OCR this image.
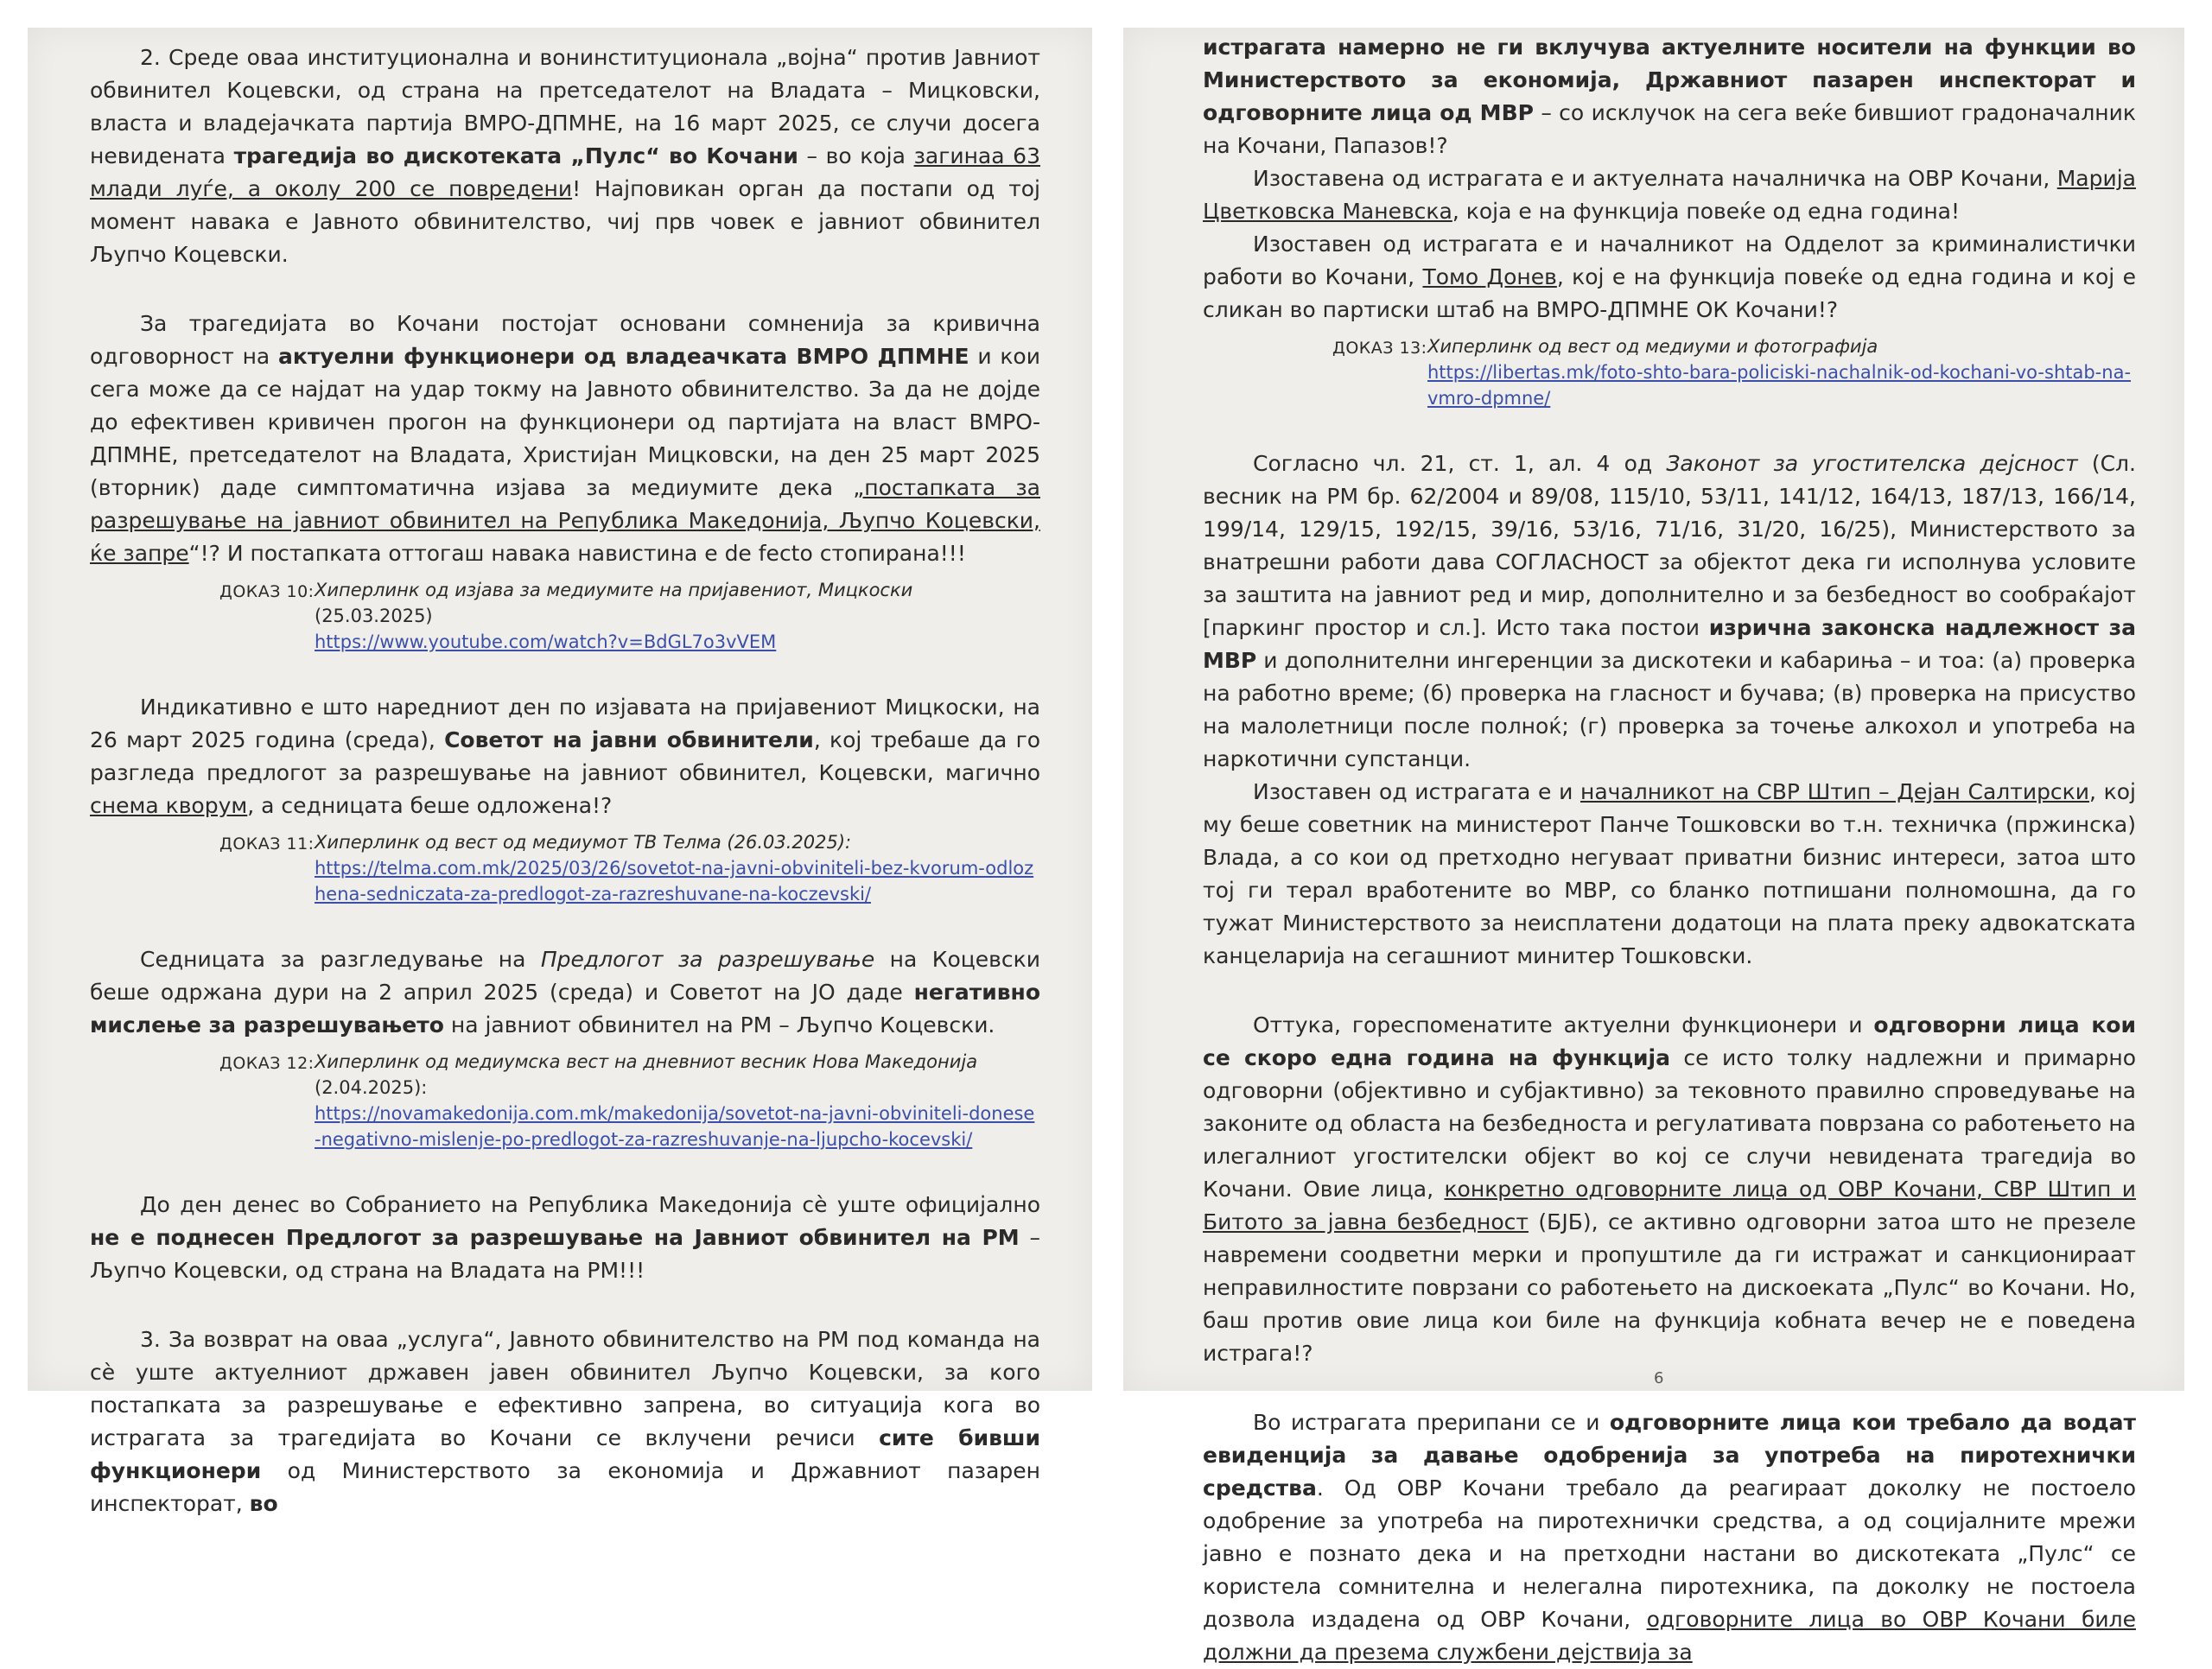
2. Среде оваа институционална и вонинституционала „војна“ против Јавниот обвинител Коцевски, од страна на претседателот на Владата – Мицковски, власта и владејачката партија ВМРО-ДПМНЕ, на 16 март 2025, се случи досега невидената трагедија во дискотеката „Пулс“ во Кочани – во која загинаа 63 млади луѓе, а околу 200 се повредени! Најповикан орган да постапи од тој момент навака е Јавното обвинителство, чиј прв човек е јавниот обвинител Љупчо Коцевски.

За трагедијата во Кочани постојат основани сомненија за кривична одговорност на актуелни функционери од владеачката ВМРО ДПМНЕ и кои сега може да се најдат на удар токму на Јавното обвинителство. За да не дојде до ефективен кривичен прогон на функционери од партијата на власт ВМРО-ДПМНЕ, претседателот на Владата, Христијан Мицковски, на ден 25 март 2025 (вторник) даде симптоматична изјава за медиумите дека „постапката за разрешување на јавниот обвинител на Република Македонија, Љупчо Коцевски, ќе запре“!? И постапката оттогаш навака навистина е de fecto стопирана!!!

ДОКАЗ 10: Хиперлинк од изјава за медиумите на пријавениот, Мицкоски
(25.03.2025)
https://www.youtube.com/watch?v=BdGL7o3vVEM

Индикативно е што наредниот ден по изјавата на пријавениот Мицкоски, на 26 март 2025 година (среда), Советот на јавни обвинители, кој требаше да го разгледа предлогот за разрешување на јавниот обвинител, Коцевски, магично снема кворум, а седницата беше одложена!?

ДОКАЗ 11: Хиперлинк од вест од медиумот ТВ Телма (26.03.2025):
https://telma.com.mk/2025/03/26/sovetot-na-javni-obviniteli-bez-kvorum-odlozhena-sedniczata-za-predlogot-za-razreshuvane-na-koczevski/

Седницата за разгледување на Предлогот за разрешување на Коцевски беше одржана дури на 2 април 2025 (среда) и Советот на ЈО даде негативно мислење за разрешувањето на јавниот обвинител на РМ – Љупчо Коцевски.

ДОКАЗ 12: Хиперлинк од медиумска вест на дневниот весник Нова Македонија
(2.04.2025):
https://novamakedonija.com.mk/makedonija/sovetot-na-javni-obviniteli-donese-negativno-mislenje-po-predlogot-za-razreshuvanje-na-ljupcho-kocevski/

До ден денес во Собранието на Република Македонија сè уште официјално не е поднесен Предлогот за разрешување на Јавниот обвинител на РМ – Љупчо Коцевски, од страна на Владата на РМ!!!

3. За возврат на оваа „услуга“, Јавното обвинителство на РМ под команда на сè уште актуелниот државен јавен обвинител Љупчо Коцевски, за кого постапката за разрешување е ефективно запрена, во ситуација кога во истрагата за трагедијата во Кочани се вклучени речиси сите бивши функционери од Министерството за економија и Државниот пазарен инспекторат, во

истрагата намерно не ги вклучува актуелните носители на функции во Министерството за економија, Државниот пазарен инспекторат и одговорните лица од МВР – со исклучок на сега веќе бившиот градоначалник на Кочани, Папазов!?

Изоставена од истрагата е и актуелната началничка на ОВР Кочани, Марија Цветковска Маневска, која е на функција повеќе од една година!

Изоставен од истрагата е и началникот на Одделот за криминалистички работи во Кочани, Томо Донев, кој е на функција повеќе од една година и кој е сликан во партиски штаб на ВМРО-ДПМНЕ ОК Кочани!?

ДОКАЗ 13: Хиперлинк од вест од медиуми и фотографија
https://libertas.mk/foto-shto-bara-policiski-nachalnik-od-kochani-vo-shtab-na-vmro-dpmne/

Согласно чл. 21, ст. 1, ал. 4 од Законот за угостителска дејсност (Сл. весник на РМ бр. 62/2004 и 89/08, 115/10, 53/11, 141/12, 164/13, 187/13, 166/14, 199/14, 129/15, 192/15, 39/16, 53/16, 71/16, 31/20, 16/25), Министерството за внатрешни работи дава СОГЛАСНОСТ за објектот дека ги исполнува условите за заштита на јавниот ред и мир, дополнително и за безбедност во сообраќајот [паркинг простор и сл.]. Исто така постои изрична законска надлежност за МВР и дополнителни ингеренции за дискотеки и кабариња – и тоа: (а) проверка на работно време; (б) проверка на гласност и бучава; (в) проверка на присуство на малолетници после полноќ; (г) проверка за точење алкохол и употреба на наркотични супстанци.

Изоставен од истрагата е и началникот на СВР Штип – Дејан Салтирски, кој му беше советник на министерот Панче Тошковски во т.н. техничка (пржинска) Влада, а со кои од претходно негуваат приватни бизнис интереси, затоа што тој ги терал вработените во МВР, со бланко потпишани полномошна, да го тужат Министерството за неисплатени додатоци на плата преку адвокатската канцеларија на сегашниот минитер Тошковски.

Оттука, гореспоменатите актуелни функционери и одговорни лица кои се скоро една година на функција се исто толку надлежни и примарно одговорни (објективно и субјактивно) за тековното правилно спроведување на законите од областа на безбедноста и регулативата поврзана со работењето на илегалниот угоститeлски објект во кој се случи невидената трагедија во Кочани. Овие лица, конкретно одговорните лица од ОВР Кочани, СВР Штип и Битото за јавна безбедност (БЈБ), се активно одговорни затоа што не презеле навремени соодветни мерки и пропуштиле да ги истражат и санкционираат неправилностите поврзани со работењето на дискоеката „Пулс“ во Кочани. Но, баш против овие лица кои биле на функција кобната вечер не е поведена истрага!?

Во истрагата прерипани се и одговорните лица кои требало да водат евиденција за давање одобренија за употреба на пиротехнички средства. Од ОВР Кочани требало да реагираат доколку не постоело одобрение за употреба на пиротехнички средства, а од социјалните мрежи јавно е познато дека и на претходни настани во дискотеката „Пулс“ се користела сомнителна и нелегална пиротехника, па доколку не постоела дозвола издадена од ОВР Кочани, одговорните лица во ОВР Кочани биле должни да презема службени дејствија за

6
